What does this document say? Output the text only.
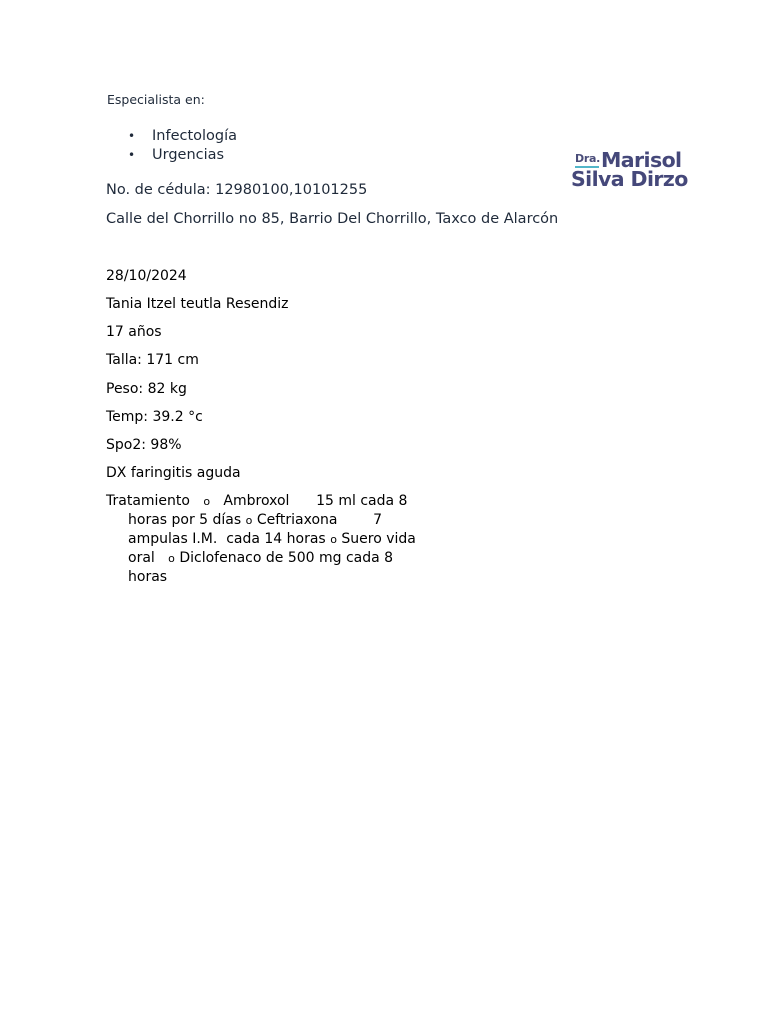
Especialista en:
• Infectología
• Urgencias	Dra. Marisol
Silva Dirzo
No. de cédula: 12980100,10101255
Calle del Chorrillo no 85, Barrio Del Chorrillo, Taxco de Alarcón
28/10/2024
Tania Itzel teutla Resendiz
17 años
Talla: 171 cm
Peso: 82 kg
Temp: 39.2 °c
Spo2: 98%
DX faringitis aguda
Tratamiento o Ambroxol      15 ml cada 8
horas por 5 días o Ceftriaxona        7
ampulas I.M.  cada 14 horas o Suero vida
oral o Diclofenaco de 500 mg cada 8
horas
